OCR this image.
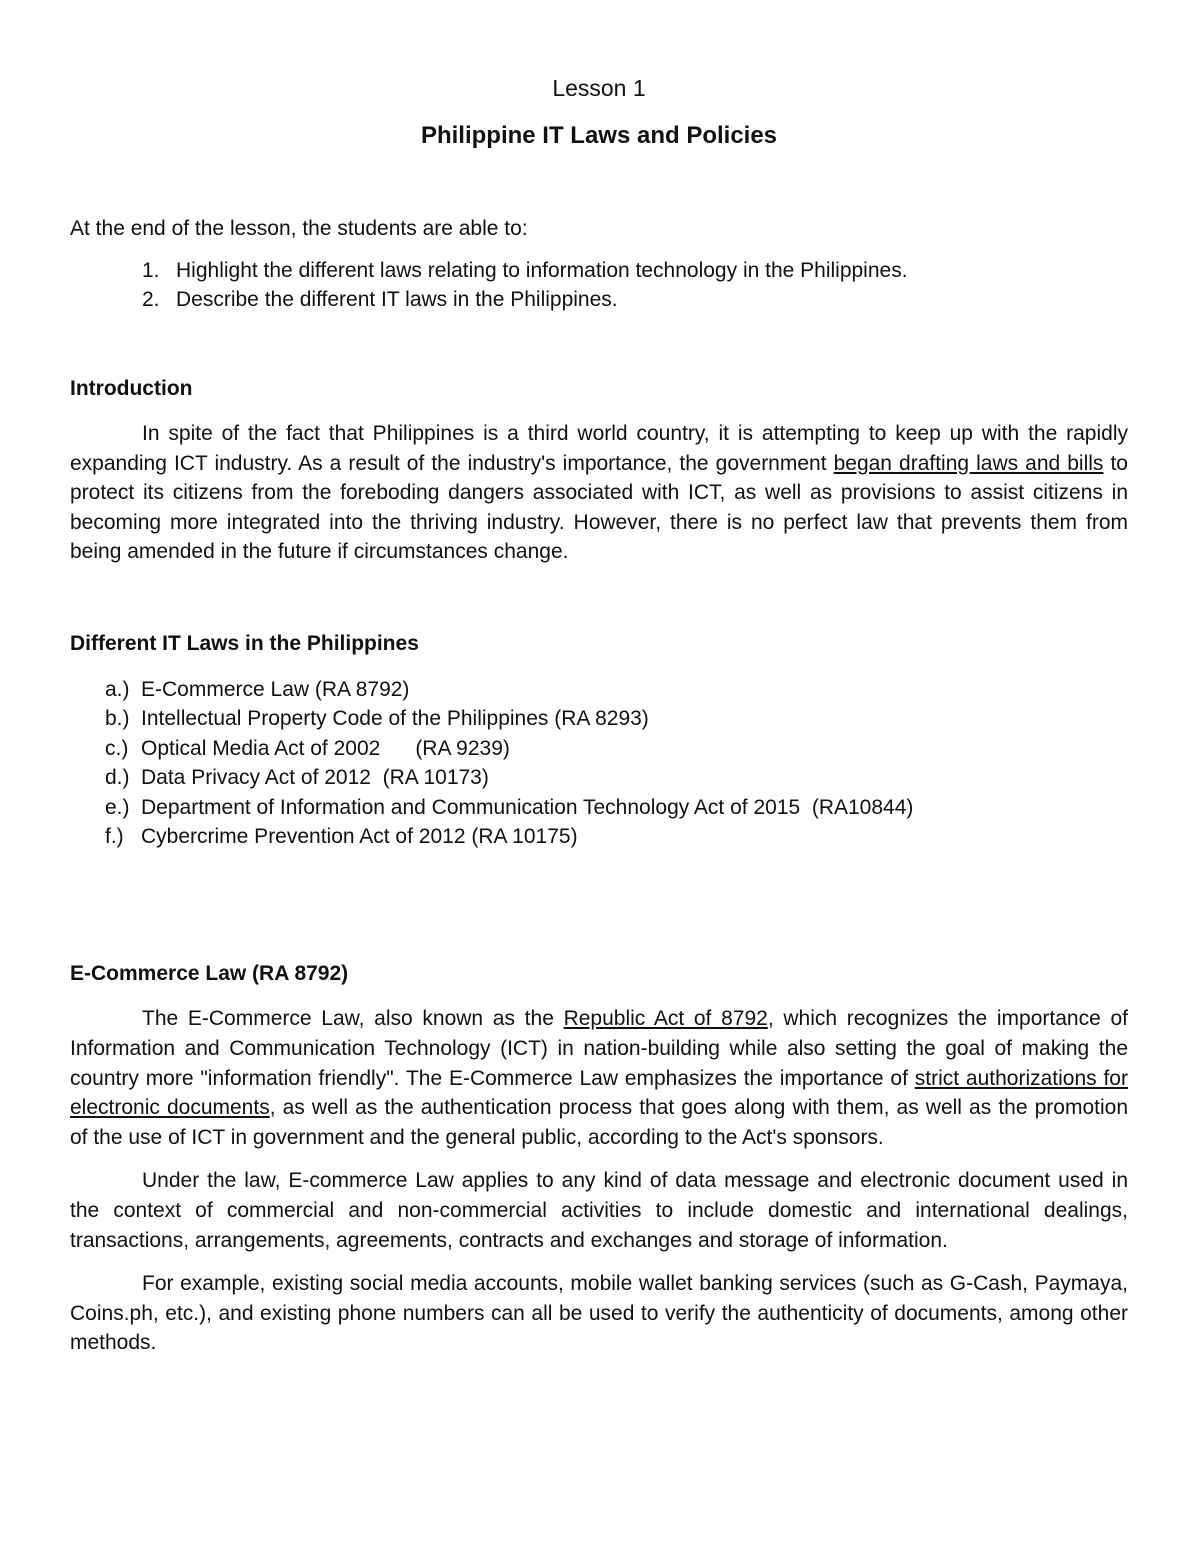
Lesson 1
Philippine IT Laws and Policies

At the end of the lesson, the students are able to:

1. Highlight the different laws relating to information technology in the Philippines.
2. Describe the different IT laws in the Philippines.
Introduction

In spite of the fact that Philippines is a third world country, it is attempting to keep up with the rapidly expanding ICT industry. As a result of the industry's importance, the government began drafting laws and bills to protect its citizens from the foreboding dangers associated with ICT, as well as provisions to assist citizens in becoming more integrated into the thriving industry. However, there is no perfect law that prevents them from being amended in the future if circumstances change.

Different IT Laws in the Philippines
a.) E-Commerce Law (RA 8792)
b.) Intellectual Property Code of the Philippines (RA 8293)
c.) Optical Media Act of 2002      (RA 9239)
d.) Data Privacy Act of 2012  (RA 10173)
e.) Department of Information and Communication Technology Act of 2015  (RA10844)
f.) Cybercrime Prevention Act of 2012 (RA 10175)
E-Commerce Law (RA 8792)

The E-Commerce Law, also known as the Republic Act of 8792, which recognizes the importance of Information and Communication Technology (ICT) in nation-building while also setting the goal of making the country more "information friendly". The E-Commerce Law emphasizes the importance of strict authorizations for electronic documents, as well as the authentication process that goes along with them, as well as the promotion of the use of ICT in government and the general public, according to the Act's sponsors.

Under the law, E-commerce Law applies to any kind of data message and electronic document used in the context of commercial and non-commercial activities to include domestic and international dealings, transactions, arrangements, agreements, contracts and exchanges and storage of information.

For example, existing social media accounts, mobile wallet banking services (such as G-Cash, Paymaya, Coins.ph, etc.), and existing phone numbers can all be used to verify the authenticity of documents, among other methods.
